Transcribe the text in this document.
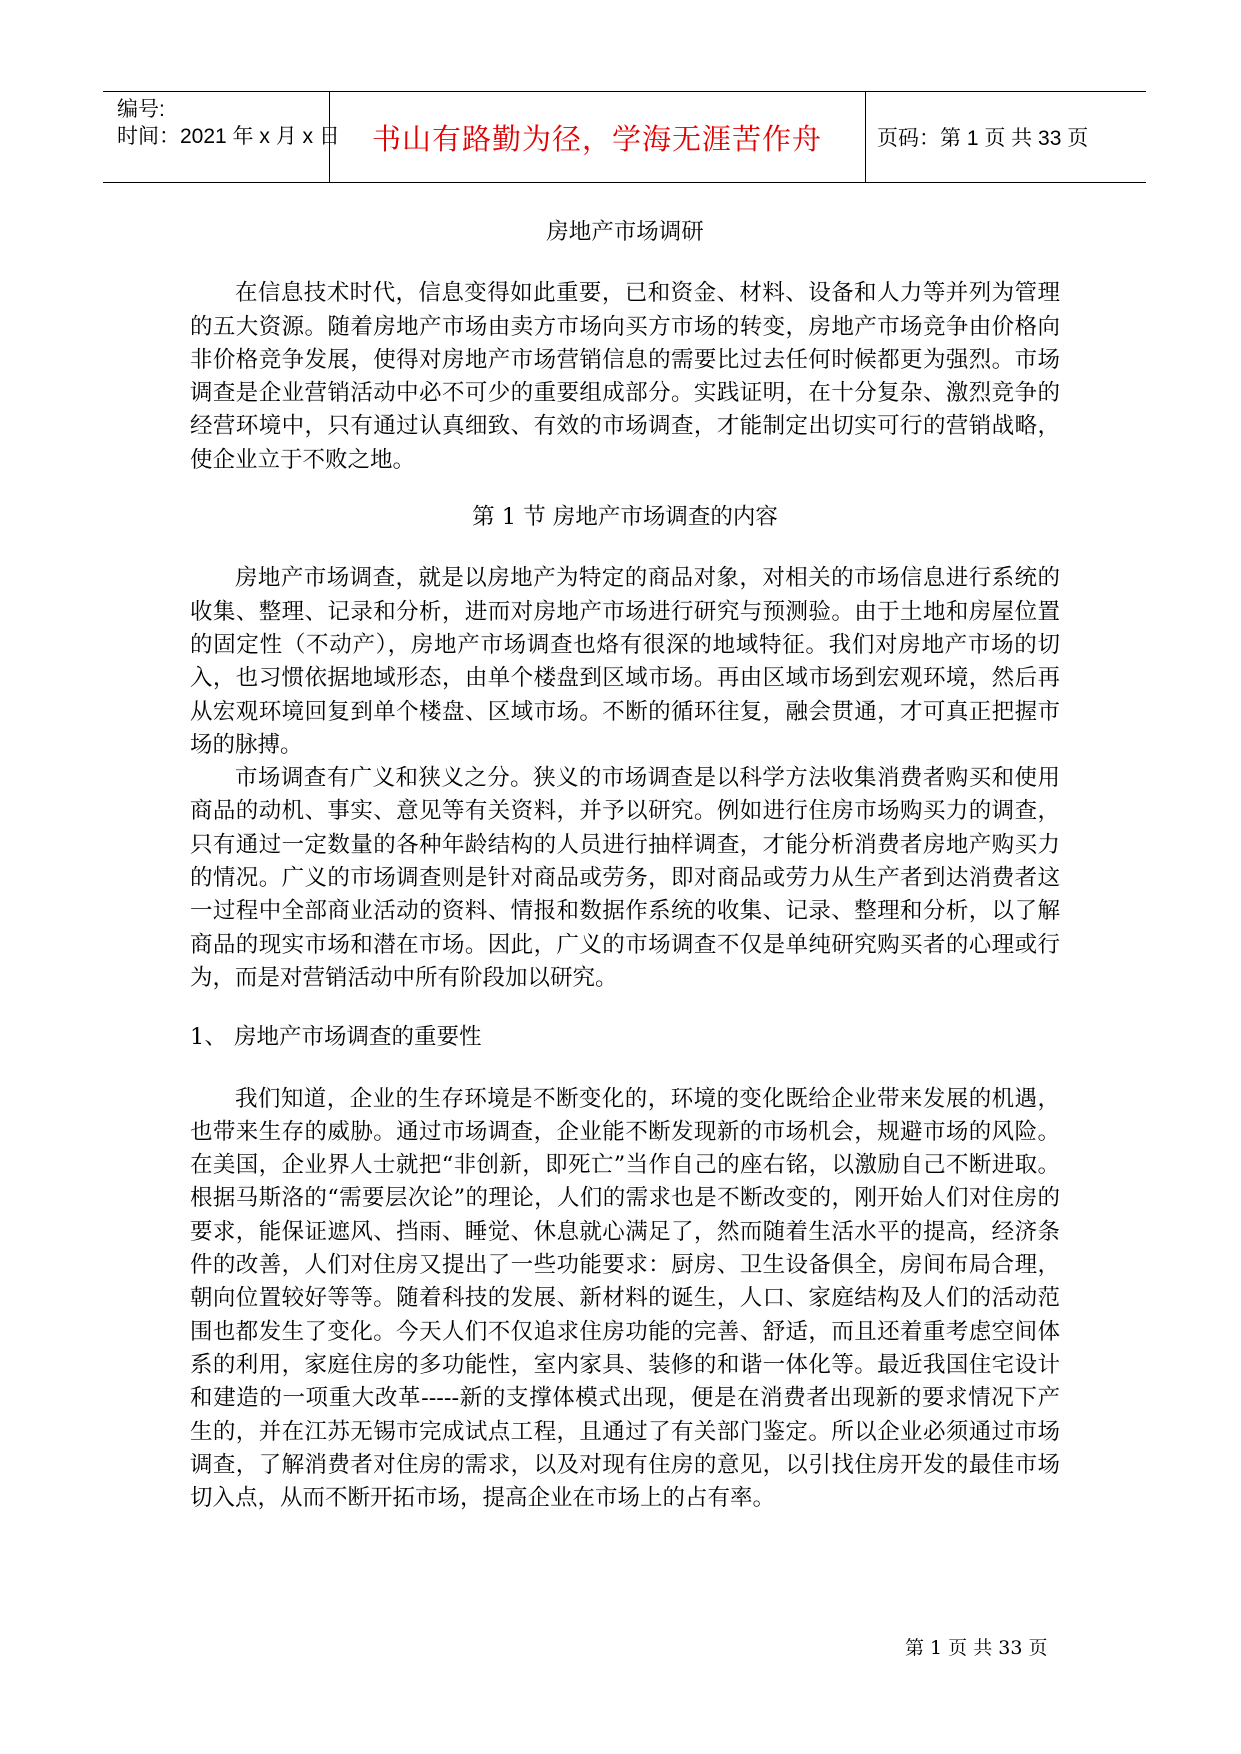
编号:
时间：2021 年 x 月 x 日	书山有路勤为径，学海无涯苦作舟	页码：第 1 页 共 33 页
房地产市场调研

在信息技术时代，信息变得如此重要，已和资金、材料、设备和人力等并列为管理的五大资源。随着房地产市场由卖方市场向买方市场的转变，房地产市场竞争由价格向非价格竞争发展，使得对房地产市场营销信息的需要比过去任何时候都更为强烈。市场调查是企业营销活动中必不可少的重要组成部分。实践证明，在十分复杂、激烈竞争的经营环境中，只有通过认真细致、有效的市场调查，才能制定出切实可行的营销战略，使企业立于不败之地。

第 1 节 房地产市场调查的内容

房地产市场调查，就是以房地产为特定的商品对象，对相关的市场信息进行系统的收集、整理、记录和分析，进而对房地产市场进行研究与预测验。由于土地和房屋位置的固定性（不动产），房地产市场调查也烙有很深的地域特征。我们对房地产市场的切入，也习惯依据地域形态，由单个楼盘到区域市场。再由区域市场到宏观环境，然后再从宏观环境回复到单个楼盘、区域市场。不断的循环往复，融会贯通，才可真正把握市场的脉搏。

市场调查有广义和狭义之分。狭义的市场调查是以科学方法收集消费者购买和使用商品的动机、事实、意见等有关资料，并予以研究。例如进行住房市场购买力的调查，只有通过一定数量的各种年龄结构的人员进行抽样调查，才能分析消费者房地产购买力的情况。广义的市场调查则是针对商品或劳务，即对商品或劳力从生产者到达消费者这一过程中全部商业活动的资料、情报和数据作系统的收集、记录、整理和分析，以了解商品的现实市场和潜在市场。因此，广义的市场调查不仅是单纯研究购买者的心理或行为，而是对营销活动中所有阶段加以研究。

1、 房地产市场调查的重要性

我们知道，企业的生存环境是不断变化的，环境的变化既给企业带来发展的机遇，也带来生存的威胁。通过市场调查，企业能不断发现新的市场机会，规避市场的风险。在美国，企业界人士就把“非创新，即死亡”当作自己的座右铭，以激励自己不断进取。根据马斯洛的“需要层次论”的理论，人们的需求也是不断改变的，刚开始人们对住房的要求，能保证遮风、挡雨、睡觉、休息就心满足了，然而随着生活水平的提高，经济条件的改善，人们对住房又提出了一些功能要求：厨房、卫生设备俱全，房间布局合理，朝向位置较好等等。随着科技的发展、新材料的诞生，人口、家庭结构及人们的活动范围也都发生了变化。今天人们不仅追求住房功能的完善、舒适，而且还着重考虑空间体系的利用，家庭住房的多功能性，室内家具、装修的和谐一体化等。最近我国住宅设计和建造的一项重大改革-----新的支撑体模式出现，便是在消费者出现新的要求情况下产生的，并在江苏无锡市完成试点工程，且通过了有关部门鉴定。所以企业必须通过市场调查，了解消费者对住房的需求，以及对现有住房的意见，以引找住房开发的最佳市场切入点，从而不断开拓市场，提高企业在市场上的占有率。

第 1 页 共 33 页
